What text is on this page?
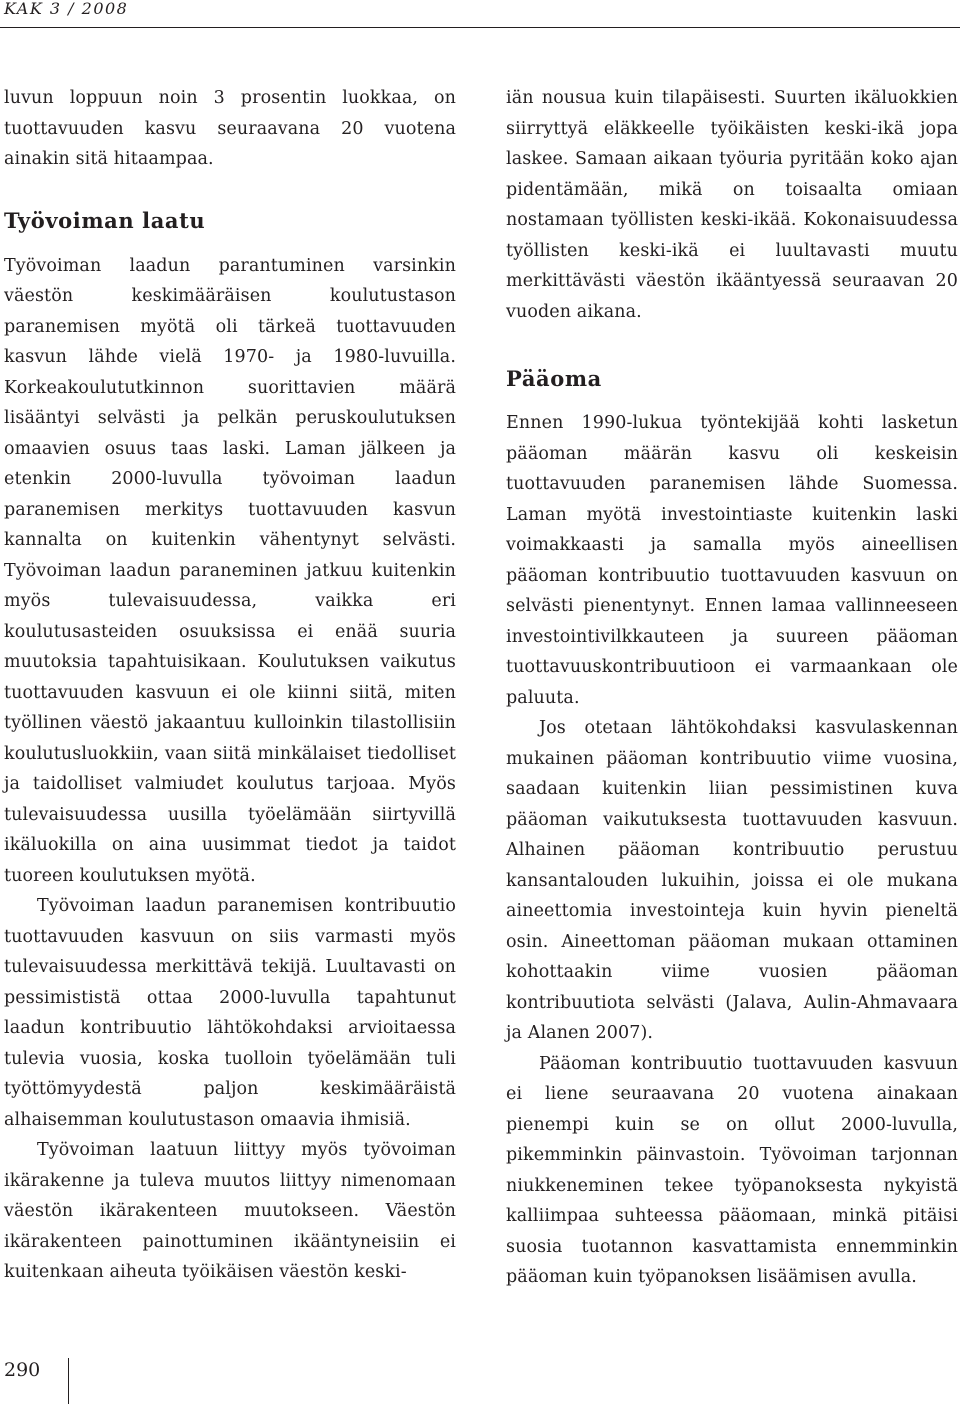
KAK 3 / 2008

luvun loppuun noin 3 prosentin luokkaa, on tuottavuuden kasvu seuraavana 20 vuotena ainakin sitä hitaampaa.

Työvoiman laatu

Työvoiman laadun parantuminen varsinkin väestön keskimääräisen koulutustason paranemisen myötä oli tärkeä tuottavuuden kasvun lähde vielä 1970- ja 1980-luvuilla. Korkeakoulututkinnon suorittavien määrä lisääntyi selvästi ja pelkän peruskoulutuksen omaavien osuus taas laski. Laman jälkeen ja etenkin 2000-luvulla työvoiman laadun paranemisen merkitys tuottavuuden kasvun kannalta on kuitenkin vähentynyt selvästi. Työvoiman laadun paraneminen jatkuu kuitenkin myös tulevaisuudessa, vaikka eri koulutusasteiden osuuksissa ei enää suuria muutoksia tapahtuisikaan. Koulutuksen vaikutus tuottavuuden kasvuun ei ole kiinni siitä, miten työllinen väestö jakaantuu kulloinkin tilastollisiin koulutusluokkiin, vaan siitä minkälaiset tiedolliset ja taidolliset valmiudet koulutus tarjoaa. Myös tulevaisuudessa uusilla työelämään siirtyvillä ikäluokilla on aina uusimmat tiedot ja taidot tuoreen koulutuksen myötä.

Työvoiman laadun paranemisen kontribuutio tuottavuuden kasvuun on siis varmasti myös tulevaisuudessa merkittävä tekijä. Luultavasti on pessimististä ottaa 2000-luvulla tapahtunut laadun kontribuutio lähtökohdaksi arvioitaessa tulevia vuosia, koska tuolloin työelämään tuli työttömyydestä paljon keskimääräistä alhaisemman koulutustason omaavia ihmisiä.

Työvoiman laatuun liittyy myös työvoiman ikärakenne ja tuleva muutos liittyy nimenomaan väestön ikärakenteen muutokseen. Väestön ikärakenteen painottuminen ikääntyneisiin ei kuitenkaan aiheuta työikäisen väestön keski-

iän nousua kuin tilapäisesti. Suurten ikäluokkien siirryttyä eläkkeelle työikäisten keski-ikä jopa laskee. Samaan aikaan työuria pyritään koko ajan pidentämään, mikä on toisaalta omiaan nostamaan työllisten keski-ikää. Kokonaisuudessa työllisten keski-ikä ei luultavasti muutu merkittävästi väestön ikääntyessä seuraavan 20 vuoden aikana.

Pääoma

Ennen 1990-lukua työntekijää kohti lasketun pääoman määrän kasvu oli keskeisin tuottavuuden paranemisen lähde Suomessa. Laman myötä investointiaste kuitenkin laski voimakkaasti ja samalla myös aineellisen pääoman kontribuutio tuottavuuden kasvuun on selvästi pienentynyt. Ennen lamaa vallinneeseen investointivilkkauteen ja suureen pääoman tuottavuuskontribuutioon ei varmaankaan ole paluuta.

Jos otetaan lähtökohdaksi kasvulaskennan mukainen pääoman kontribuutio viime vuosina, saadaan kuitenkin liian pessimistinen kuva pääoman vaikutuksesta tuottavuuden kasvuun. Alhainen pääoman kontribuutio perustuu kansantalouden lukuihin, joissa ei ole mukana aineettomia investointeja kuin hyvin pieneltä osin. Aineettoman pääoman mukaan ottaminen kohottaakin viime vuosien pääoman kontribuutiota selvästi (Jalava, Aulin-Ahmavaara ja Alanen 2007).

Pääoman kontribuutio tuottavuuden kasvuun ei liene seuraavana 20 vuotena ainakaan pienempi kuin se on ollut 2000-luvulla, pikemminkin päinvastoin. Työvoiman tarjonnan niukkeneminen tekee työpanoksesta nykyistä kalliimpaa suhteessa pääomaan, minkä pitäisi suosia tuotannon kasvattamista ennemminkin pääoman kuin työpanoksen lisäämisen avulla.

290
